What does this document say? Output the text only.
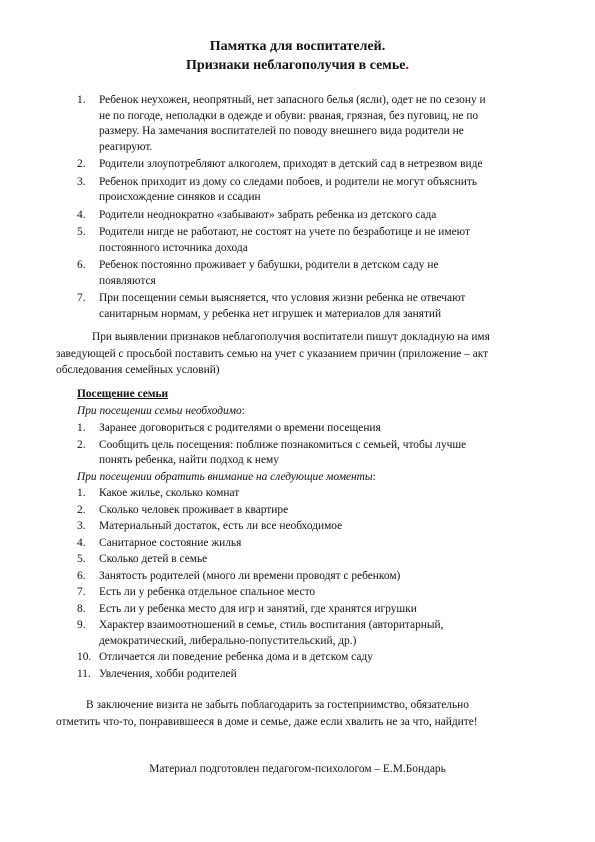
Памятка для воспитателей.
Признаки неблагополучия в семье.
1. Ребенок неухожен, неопрятный, нет запасного белья (ясли), одет не по сезону и
не по погоде, неполадки в одежде и обуви: рваная, грязная, без пуговиц, не по
размеру. На замечания воспитателей по поводу внешнего вида родители не
реагируют.
2. Родители злоупотребляют алкоголем, приходят в детский сад в нетрезвом виде
3. Ребенок приходит из дому со следами побоев, и родители не могут объяснить
происхождение синяков и ссадин
4. Родители неоднократно «забывают» забрать ребенка из детского сада
5. Родители нигде не работают, не состоят на учете по безработице и не имеют
постоянного источника дохода
6. Ребенок постоянно проживает у бабушки, родители в детском саду не
появляются
7. При посещении семьи выясняется, что условия жизни ребенка не отвечают
санитарным нормам, у ребенка нет игрушек и материалов для занятий
При выявлении признаков неблагополучия воспитатели пишут докладную на имя
заведующей с просьбой поставить семью на учет с указанием причин (приложение – акт
обследования семейных условий)
Посещение семьи
При посещении семьи необходимо:
1. Заранее договориться с родителями о времени посещения
2. Сообщить цель посещения: поближе познакомиться с семьей, чтобы лучше
понять ребенка, найти подход к нему
При посещении обратить внимание на следующие моменты:
1. Какое жилье, сколько комнат
2. Сколько человек проживает в квартире
3. Материальный достаток, есть ли все необходимое
4. Санитарное состояние жилья
5. Сколько детей в семье
6. Занятость родителей (много ли времени проводят с ребенком)
7. Есть ли у ребенка отдельное спальное место
8. Есть ли у ребенка место для игр и занятий, где хранятся игрушки
9. Характер взаимоотношений в семье, стиль воспитания (авторитарный,
демократический, либерально-попустительский, др.)
10. Отличается ли поведение ребенка дома и в детском саду
11. Увлечения, хобби родителей
В заключение визита не забыть поблагодарить за гостеприимство, обязательно
отметить что-то, понравившееся в доме и семье, даже если хвалить не за что, найдите!
Материал подготовлен педагогом-психологом – Е.М.Бондарь
